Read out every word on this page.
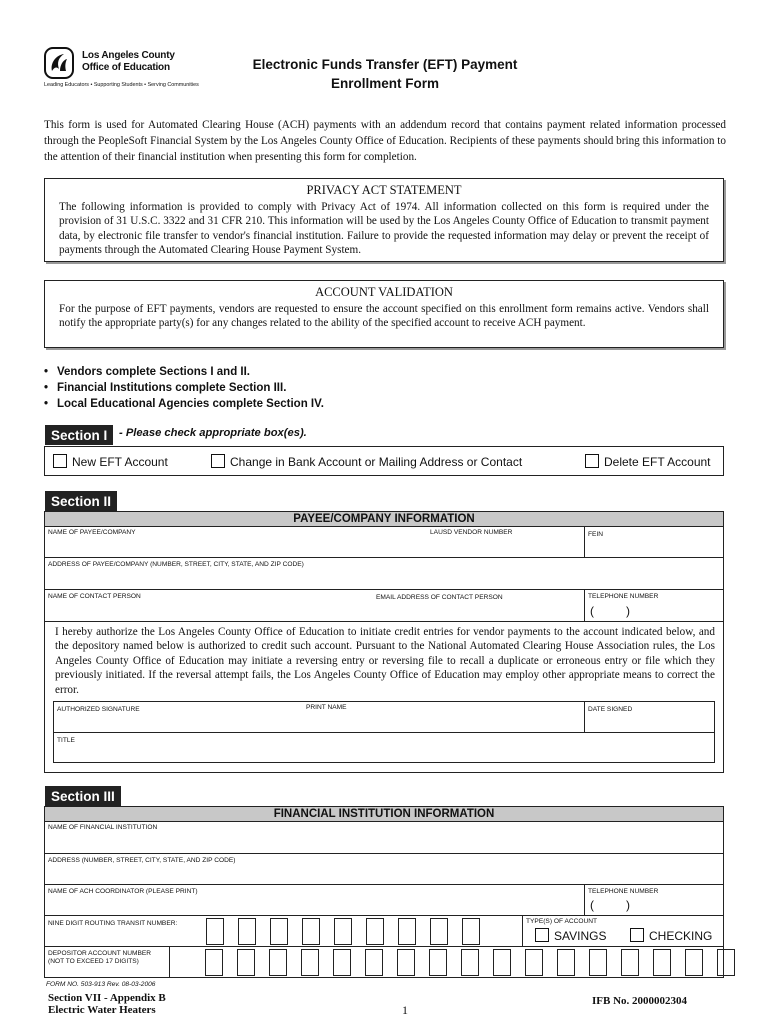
Los Angeles County
Office of Education
Leading Educators • Supporting Students • Serving Communities
Electronic Funds Transfer (EFT) Payment
Enrollment Form
This form is used for Automated Clearing House (ACH) payments with an addendum record that contains payment related information processed through the PeopleSoft Financial System by the Los Angeles County Office of Education. Recipients of these payments should bring this information to the attention of their financial institution when presenting this form for completion.
PRIVACY ACT STATEMENT
The following information is provided to comply with Privacy Act of 1974. All information collected on this form is required under the provision of 31 U.S.C. 3322 and 31 CFR 210. This information will be used by the Los Angeles County Office of Education to transmit payment data, by electronic file transfer to vendor's financial institution. Failure to provide the requested information may delay or prevent the receipt of payments through the Automated Clearing House Payment System.
ACCOUNT VALIDATION
For the purpose of EFT payments, vendors are requested to ensure the account specified on this enrollment form remains active. Vendors shall notify the appropriate party(s) for any changes related to the ability of the specified account to receive ACH payment.
• Vendors complete Sections I and II.
• Financial Institutions complete Section III.
• Local Educational Agencies complete Section IV.
Section I	- Please check appropriate box(es).
New EFT Account	Change in Bank Account or Mailing Address or Contact	Delete EFT Account
Section II
PAYEE/COMPANY INFORMATION
NAME OF PAYEE/COMPANY	LAUSD VENDOR NUMBER	FEIN
ADDRESS OF PAYEE/COMPANY (NUMBER, STREET, CITY, STATE, AND ZIP CODE)
NAME OF CONTACT PERSON	EMAIL ADDRESS OF CONTACT PERSON	TELEPHONE NUMBER
(	)
I hereby authorize the Los Angeles County Office of Education to initiate credit entries for vendor payments to the account indicated below, and the depository named below is authorized to credit such account. Pursuant to the National Automated Clearing House Association rules, the Los Angeles County Office of Education may initiate a reversing entry or reversing file to recall a duplicate or erroneous entry or file which they previously initiated. If the reversal attempt fails, the Los Angeles County Office of Education may employ other appropriate means to correct the error.
AUTHORIZED SIGNATURE	PRINT NAME	DATE SIGNED
TITLE
Section III
FINANCIAL INSTITUTION INFORMATION
NAME OF FINANCIAL INSTITUTION
ADDRESS (NUMBER, STREET, CITY, STATE, AND ZIP CODE)
NAME OF ACH COORDINATOR (PLEASE PRINT)	TELEPHONE NUMBER
(	)
NINE DIGIT ROUTING TRANSIT NUMBER:	TYPE(S) OF ACCOUNT
SAVINGS	CHECKING
DEPOSITOR ACCOUNT NUMBER
(NOT TO EXCEED 17 DIGITS)
FORM NO. 503-913 Rev. 08-03-2006
Section VII - Appendix B
Electric Water Heaters	1
IFB No. 2000002304
